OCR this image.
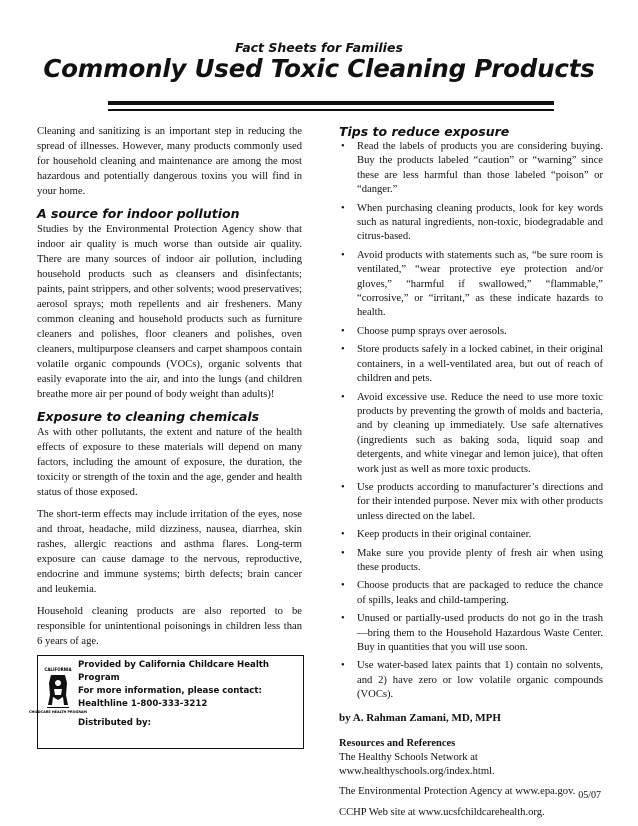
Fact Sheets for Families
Commonly Used Toxic Cleaning Products

Cleaning and sanitizing is an important step in reducing the spread of illnesses. However, many products commonly used for household cleaning and maintenance are among the most hazardous and potentially dangerous toxins you will find in your home.

A source for indoor pollution

Studies by the Environmental Protection Agency show that indoor air quality is much worse than outside air quality. There are many sources of indoor air pollution, including household products such as cleansers and disinfectants; paints, paint strippers, and other solvents; wood preservatives; aerosol sprays; moth repellents and air fresheners. Many common cleaning and household products such as furniture cleaners and polishes, floor cleaners and polishes, oven cleaners, multipurpose cleansers and carpet shampoos contain volatile organic compounds (VOCs), organic solvents that easily evaporate into the air, and into the lungs (and children breathe more air per pound of body weight than adults)!

Exposure to cleaning chemicals

As with other pollutants, the extent and nature of the health effects of exposure to these materials will depend on many factors, including the amount of exposure, the duration, the toxicity or strength of the toxin and the age, gender and health status of those exposed.

The short-term effects may include irritation of the eyes, nose and throat, headache, mild dizziness, nausea, diarrhea, skin rashes, allergic reactions and asthma flares. Long-term exposure can cause damage to the nervous, reproductive, endocrine and immune systems; birth defects; brain cancer and leukemia.

Household cleaning products are also reported to be responsible for unintentional poisonings in children less than 6 years of age.

CALIFORNIA
CHILDCARE HEALTH PROGRAM
Provided by California Childcare Health Program
For more information, please contact:
Healthline 1-800-333-3212
Distributed by:
Tips to reduce exposure
• Read the labels of products you are considering buying. Buy the products labeled “caution” or “warning” since these are less harmful than those labeled “poison” or “danger.”
• When purchasing cleaning products, look for key words such as natural ingredients, non-toxic, biodegradable and citrus-based.
• Avoid products with statements such as, “be sure room is ventilated,” “wear protective eye protection and/or gloves,” “harmful if swallowed,” “flammable,” “corrosive,” or “irritant,” as these indicate hazards to health.
• Choose pump sprays over aerosols.
• Store products safely in a locked cabinet, in their original containers, in a well-ventilated area, but out of reach of children and pets.
• Avoid excessive use. Reduce the need to use more toxic products by preventing the growth of molds and bacteria, and by cleaning up immediately. Use safe alternatives (ingredients such as baking soda, liquid soap and detergents, and white vinegar and lemon juice), that often work just as well as more toxic products.
• Use products according to manufacturer’s directions and for their intended purpose. Never mix with other products unless directed on the label.
• Keep products in their original container.
• Make sure you provide plenty of fresh air when using these products.
• Choose products that are packaged to reduce the chance of spills, leaks and child-tampering.
• Unused or partially-used products do not go in the trash—bring them to the Household Hazardous Waste Center. Buy in quantities that you will use soon.
• Use water-based latex paints that 1) contain no solvents, and 2) have zero or low volatile organic compounds (VOCs).
by A. Rahman Zamani, MD, MPH
Resources and References

The Healthy Schools Network at www.healthyschools.org/index.html.

The Environmental Protection Agency at www.epa.gov.

CCHP Web site at www.ucsfchildcarehealth.org.

05/07
